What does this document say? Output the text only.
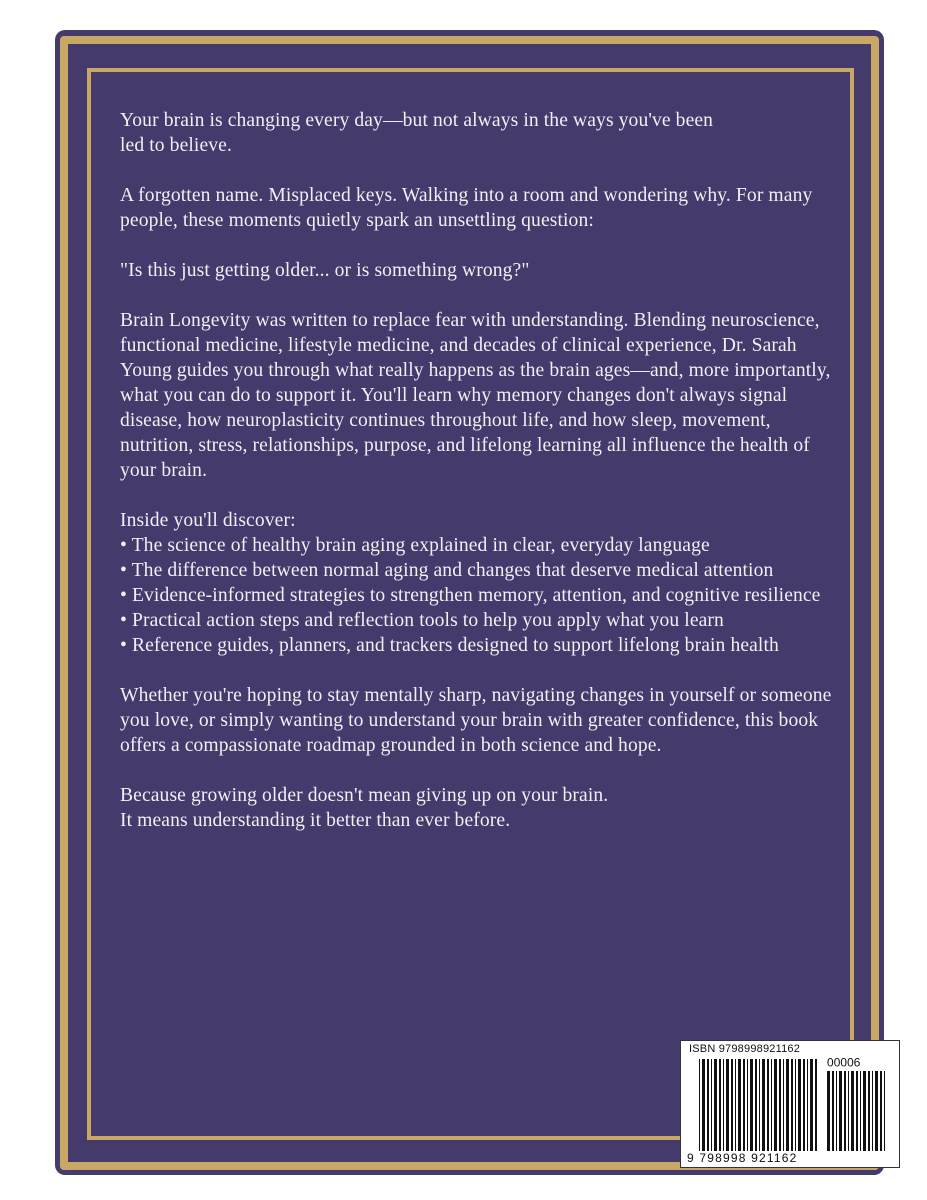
Your brain is changing every day—but not always in the ways you've been
led to believe.

A forgotten name. Misplaced keys. Walking into a room and wondering why. For many people, these moments quietly spark an unsettling question:

"Is this just getting older... or is something wrong?"

Brain Longevity was written to replace fear with understanding. Blending neuroscience, functional medicine, lifestyle medicine, and decades of clinical experience, Dr. Sarah Young guides you through what really happens as the brain ages—and, more importantly, what you can do to support it. You'll learn why memory changes don't always signal disease, how neuroplasticity continues throughout life, and how sleep, movement, nutrition, stress, relationships, purpose, and lifelong learning all influence the health of your brain.

Inside you'll discover:
• The science of healthy brain aging explained in clear, everyday language
• The difference between normal aging and changes that deserve medical attention
• Evidence-informed strategies to strengthen memory, attention, and cognitive resilience
• Practical action steps and reflection tools to help you apply what you learn
• Reference guides, planners, and trackers designed to support lifelong brain health

Whether you're hoping to stay mentally sharp, navigating changes in yourself or someone you love, or simply wanting to understand your brain with greater confidence, this book offers a compassionate roadmap grounded in both science and hope.

Because growing older doesn't mean giving up on your brain.
It means understanding it better than ever before.

ISBN 9798998921162
90000
9 798998 921162
